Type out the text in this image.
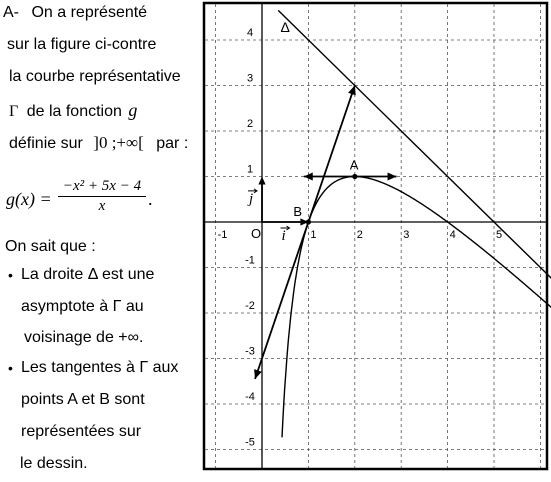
A- On a représenté
sur la figure ci-contre
la courbe représentative
Γ de la fonction g
définie sur ]0 ;+∞[ par :
$g(x) = \frac{\text{−x² + 5x − 4}}{x}$ .
On sait que :
• La droite Δ est une
asymptote à Γ au
voisinage de +∞.
• Les tangentes à Γ aux
points A et B sont
représentées sur
le dessin.
-1	1	2	3	4	5
4
3
2
1
-1
-2
-3
-4
-5
O
A
B
Δ
i
j
